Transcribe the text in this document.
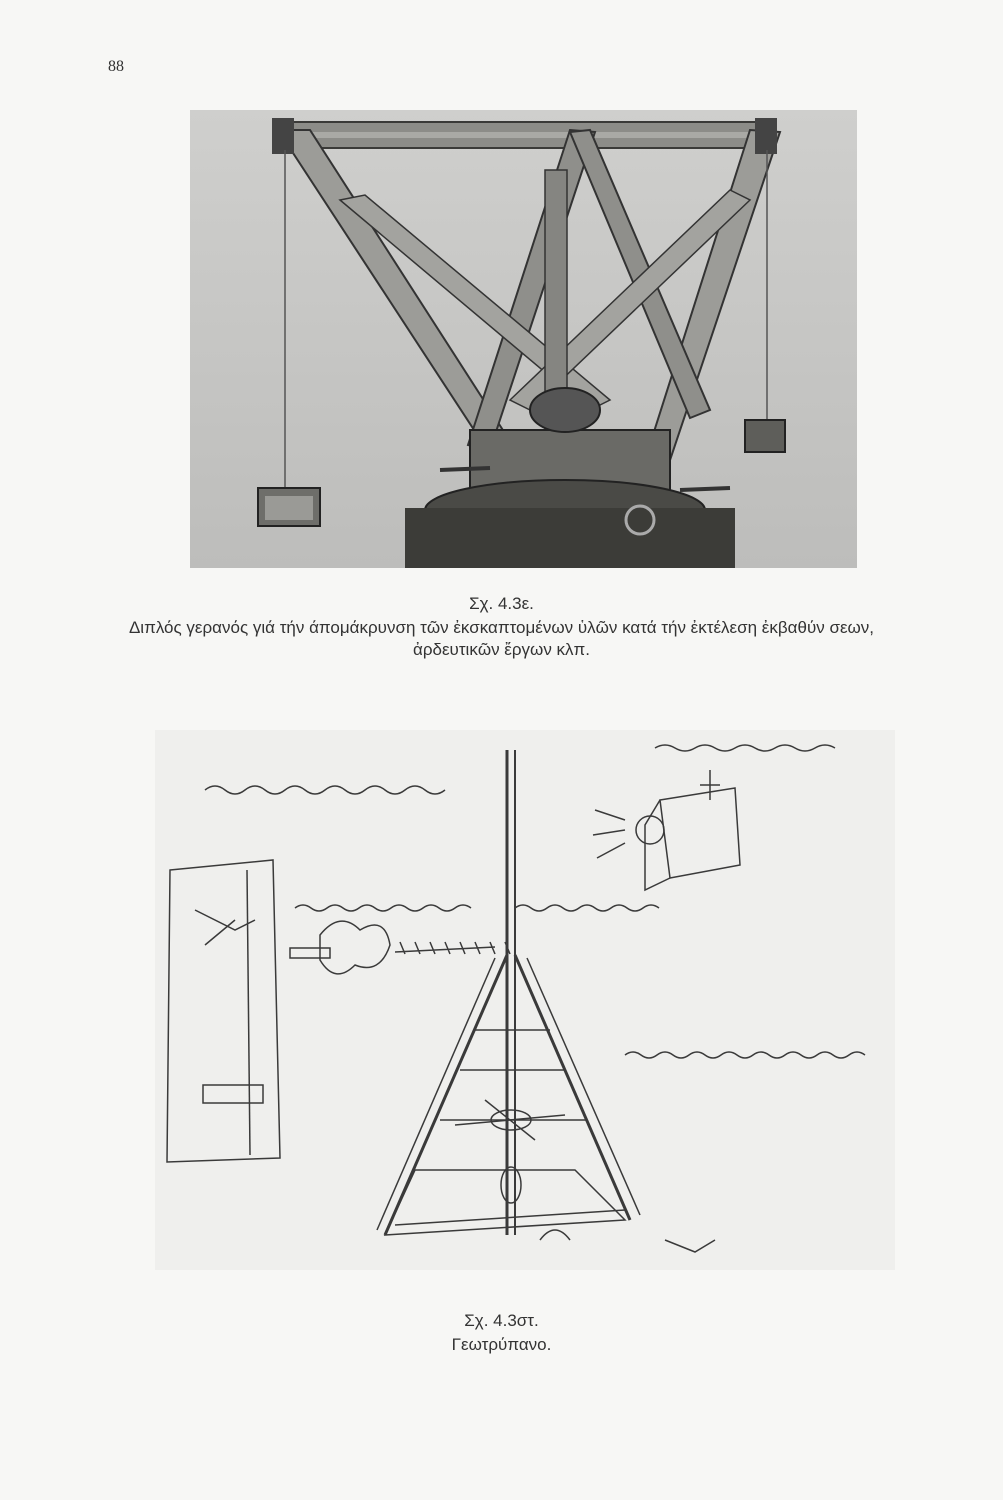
88
Σχ. 4.3ε.
Διπλός γερανός γιά τήν άπομάκρυνση τῶν ἐκσκαπτομένων ὑλῶν κατά τήν ἐκτέλεση ἐκβαθύν σεων, ἀρδευτικῶν ἔργων κλπ.
Σχ. 4.3στ.
Γεωτρύπανο.
